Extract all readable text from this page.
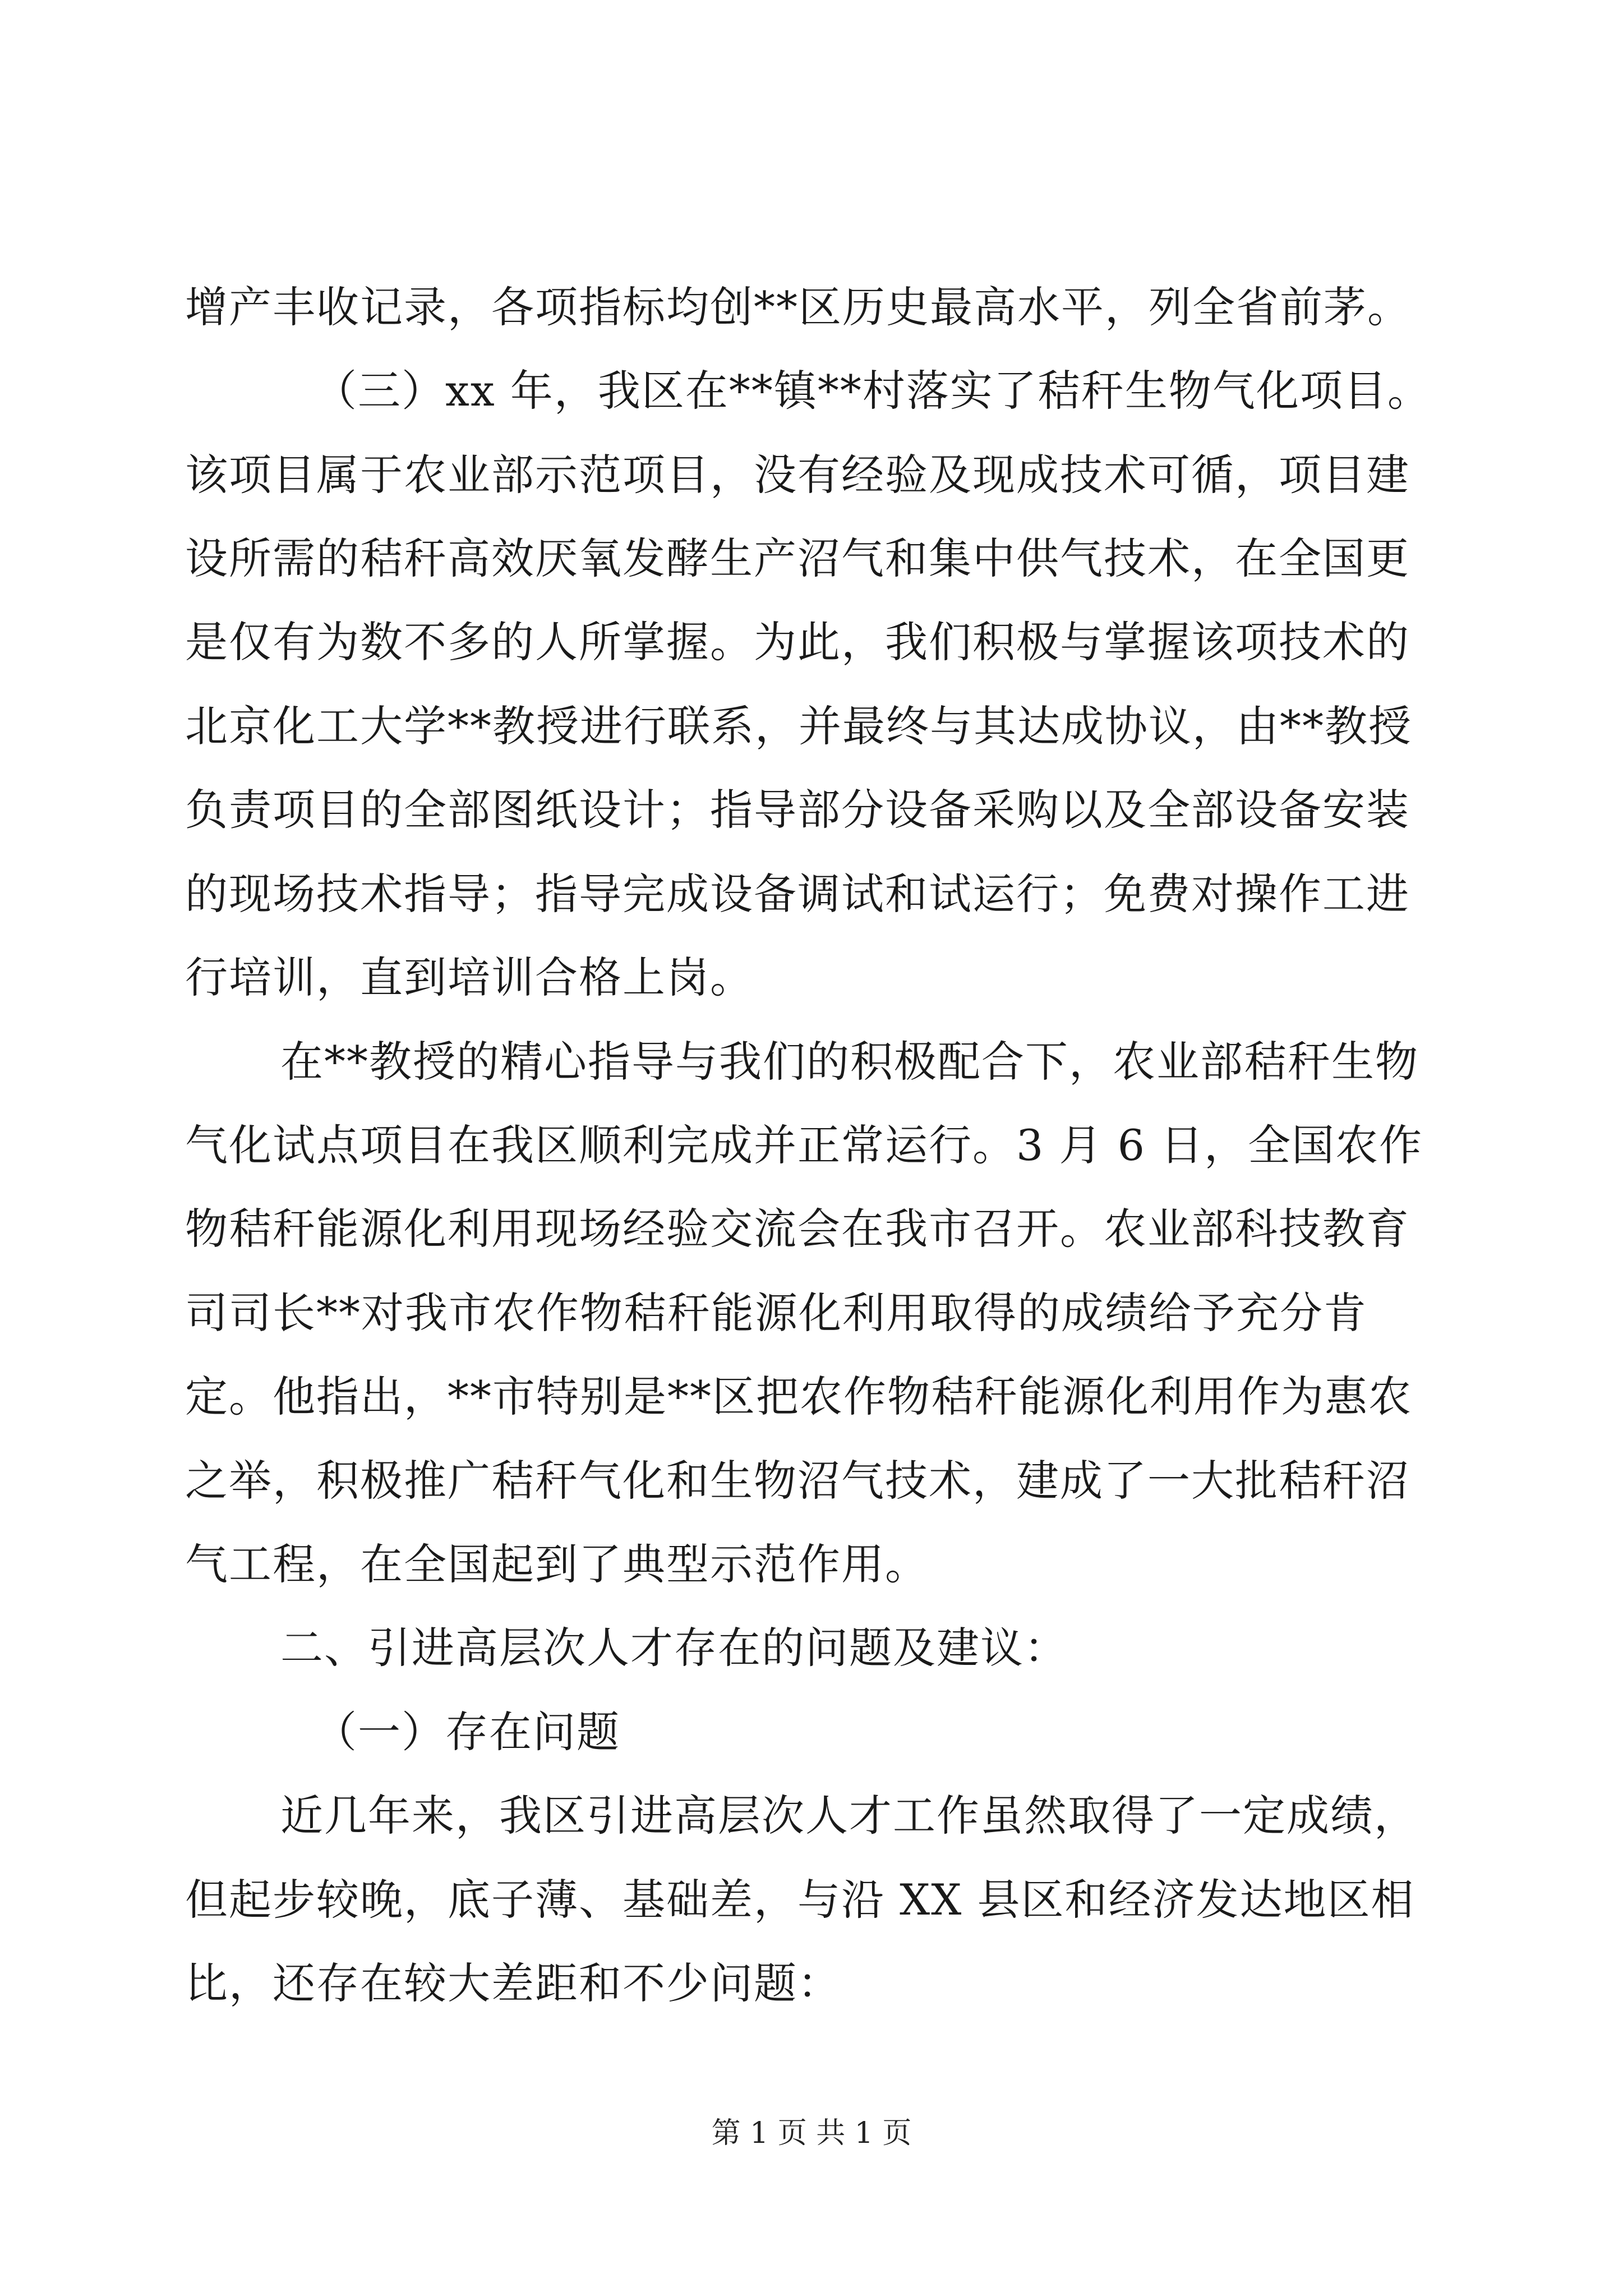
增产丰收记录，各项指标均创**区历史最高水平，列全省前茅。
（三）xx 年，我区在**镇**村落实了秸秆生物气化项目。
该项目属于农业部示范项目，没有经验及现成技术可循，项目建
设所需的秸秆高效厌氧发酵生产沼气和集中供气技术，在全国更
是仅有为数不多的人所掌握。为此，我们积极与掌握该项技术的
北京化工大学**教授进行联系，并最终与其达成协议，由**教授
负责项目的全部图纸设计；指导部分设备采购以及全部设备安装
的现场技术指导；指导完成设备调试和试运行；免费对操作工进
行培训，直到培训合格上岗。
在**教授的精心指导与我们的积极配合下，农业部秸秆生物
气化试点项目在我区顺利完成并正常运行。3 月 6 日，全国农作
物秸秆能源化利用现场经验交流会在我市召开。农业部科技教育
司司长**对我市农作物秸秆能源化利用取得的成绩给予充分肯
定。他指出，**市特别是**区把农作物秸秆能源化利用作为惠农
之举，积极推广秸秆气化和生物沼气技术，建成了一大批秸秆沼
气工程，在全国起到了典型示范作用。
二、引进高层次人才存在的问题及建议：
（一）存在问题
近几年来，我区引进高层次人才工作虽然取得了一定成绩，
但起步较晚，底子薄、基础差，与沿 XX 县区和经济发达地区相
比，还存在较大差距和不少问题：
第 1 页 共 1 页
